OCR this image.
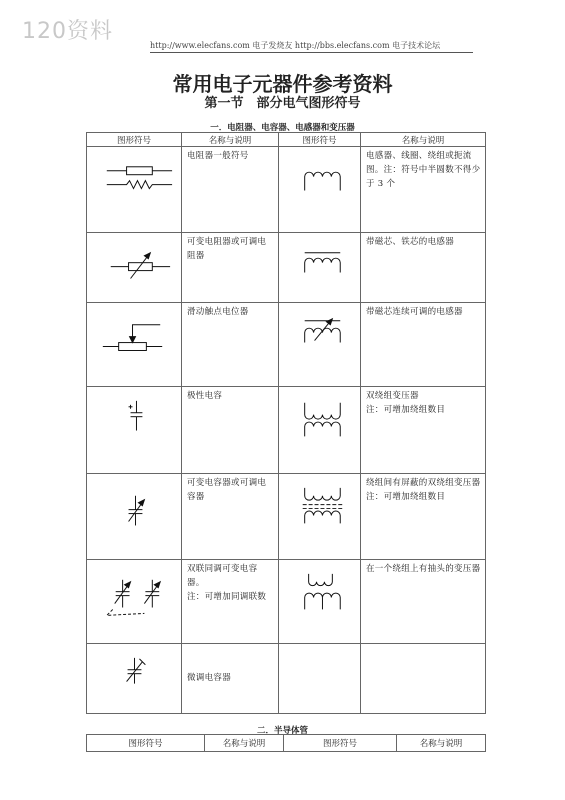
120资料
http://www.elecfans.com 电子发烧友 http://bbs.elecfans.com 电子技术论坛
常用电子元器件参考资料
第一节　部分电气图形符号
一．电阻器、电容器、电感器和变压器
图形符号	名称与说明	图形符号	名称与说明

电阻器一般符号		电感器、线圈、绕组或扼流图。注：符号中半圆数不得少于 3 个

可变电阻器或可调电阻器		带磁芯、铁芯的电感器

滑动触点电位器		带磁芯连续可调的电感器

极性电容		双绕组变压器
注：可增加绕组数目

可变电容器或可调电容器		绕组间有屏蔽的双绕组变压器
注：可增加绕组数目

双联同调可变电容器。
注：可增加同调联数		在一个绕组上有抽头的变压器

微调电容器		

二．半导体管
图形符号	名称与说明	图形符号	名称与说明
